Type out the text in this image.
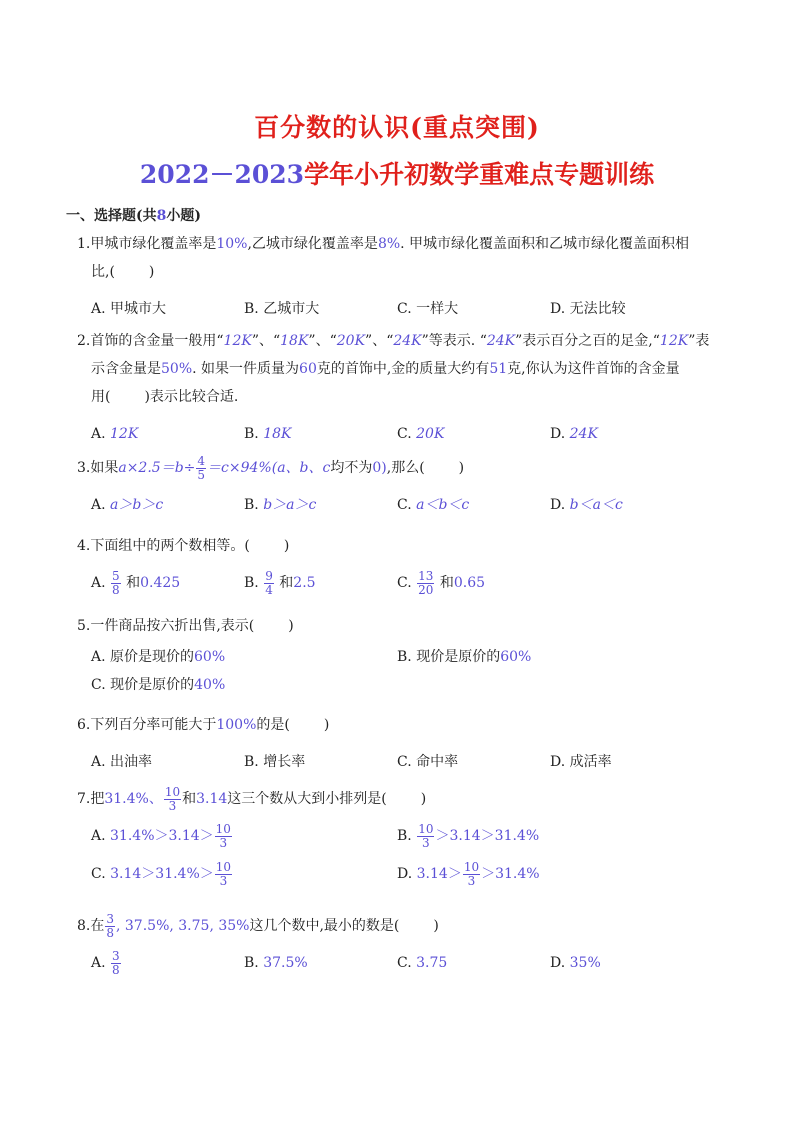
百分数的认识(重点突围)
2022－2023学年小升初数学重难点专题训练
一、选择题(共8小题)

1.甲城市绿化覆盖率是10%,乙城市绿化覆盖率是8%. 甲城市绿化覆盖面积和乙城市绿化覆盖面积相

比,( )

A. 甲城市大	B. 乙城市大	C. 一样大	D. 无法比较

2.首饰的含金量一般用“12K”、“18K”、“20K”、“24K”等表示. “24K”表示百分之百的足金,“12K”表

示含金量是50%. 如果一件质量为60克的首饰中,金的质量大约有51克,你认为这件首饰的含金量

用( )表示比较合适.

A. 12K	B. 18K	C. 20K	D. 24K

3.如果$a\times 2.5=b\div \frac{4}{5} =c\times 94\%(a$、b、c均不为0),那么( )

A. a＞b＞c	B. b＞a＞c	C. a＜b＜c	D. b＜a＜c

4.下面组中的两个数相等。( )

A. $\frac{5}{8}$ 和0.425	B. $\frac{9}{4}$ 和2.5	C. $\frac{13}{20}$ 和0.65

5.一件商品按六折出售,表示( )

A. 原价是现价的60%	B. 现价是原价的60%
C. 现价是原价的40%

6.下列百分率可能大于100%的是( )

A. 出油率	B. 增长率	C. 命中率	D. 成活率

7.把31.4%、 $\frac{10}{3}$ 和3.14这三个数从大到小排列是( )

A. $31.4\%>3.14> \frac{10}{3}$	B. $\frac{10}{3} >3.14>31.4\%$
C. $3.14>31.4\%> \frac{10}{3}$	D. $3.14> \frac{10}{3} >31.4\%$

8.在 $\frac{3}{8}$ , 37.5%, 3.75, 35%这几个数中,最小的数是( )

A. $\frac{3}{8}$	B. 37.5%	C. 3.75	D. 35%
